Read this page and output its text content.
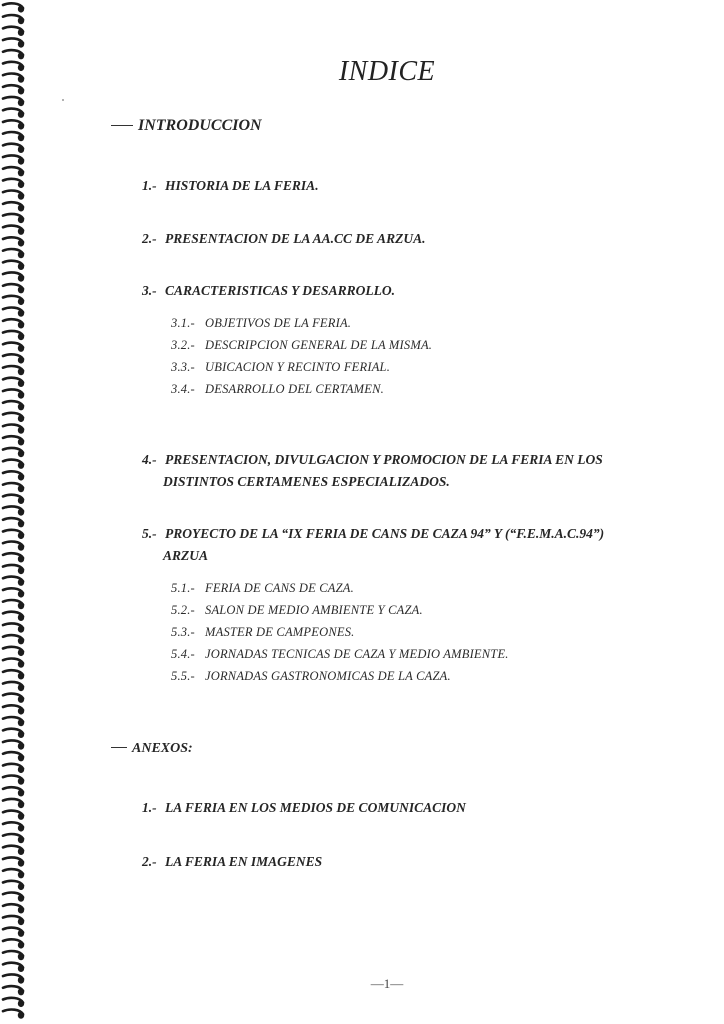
INDICE
INTRODUCCION
1.- HISTORIA DE LA FERIA.
2.- PRESENTACION DE LA AA.CC DE ARZUA.
3.- CARACTERISTICAS Y DESARROLLO.
3.1.- OBJETIVOS DE LA FERIA.
3.2.- DESCRIPCION GENERAL DE LA MISMA.
3.3.- UBICACION Y RECINTO FERIAL.
3.4.- DESARROLLO DEL CERTAMEN.
4.- PRESENTACION, DIVULGACION Y PROMOCION DE LA FERIA EN LOS
DISTINTOS CERTAMENES ESPECIALIZADOS.
5.- PROYECTO DE LA “IX FERIA DE CANS DE CAZA 94” Y (“F.E.M.A.C.94”)
ARZUA
5.1.- FERIA DE CANS DE CAZA.
5.2.- SALON DE MEDIO AMBIENTE Y CAZA.
5.3.- MASTER DE CAMPEONES.
5.4.- JORNADAS TECNICAS DE CAZA Y MEDIO AMBIENTE.
5.5.- JORNADAS GASTRONOMICAS DE LA CAZA.
ANEXOS:
1.- LA FERIA EN LOS MEDIOS DE COMUNICACION
2.- LA FERIA EN IMAGENES
—1—
